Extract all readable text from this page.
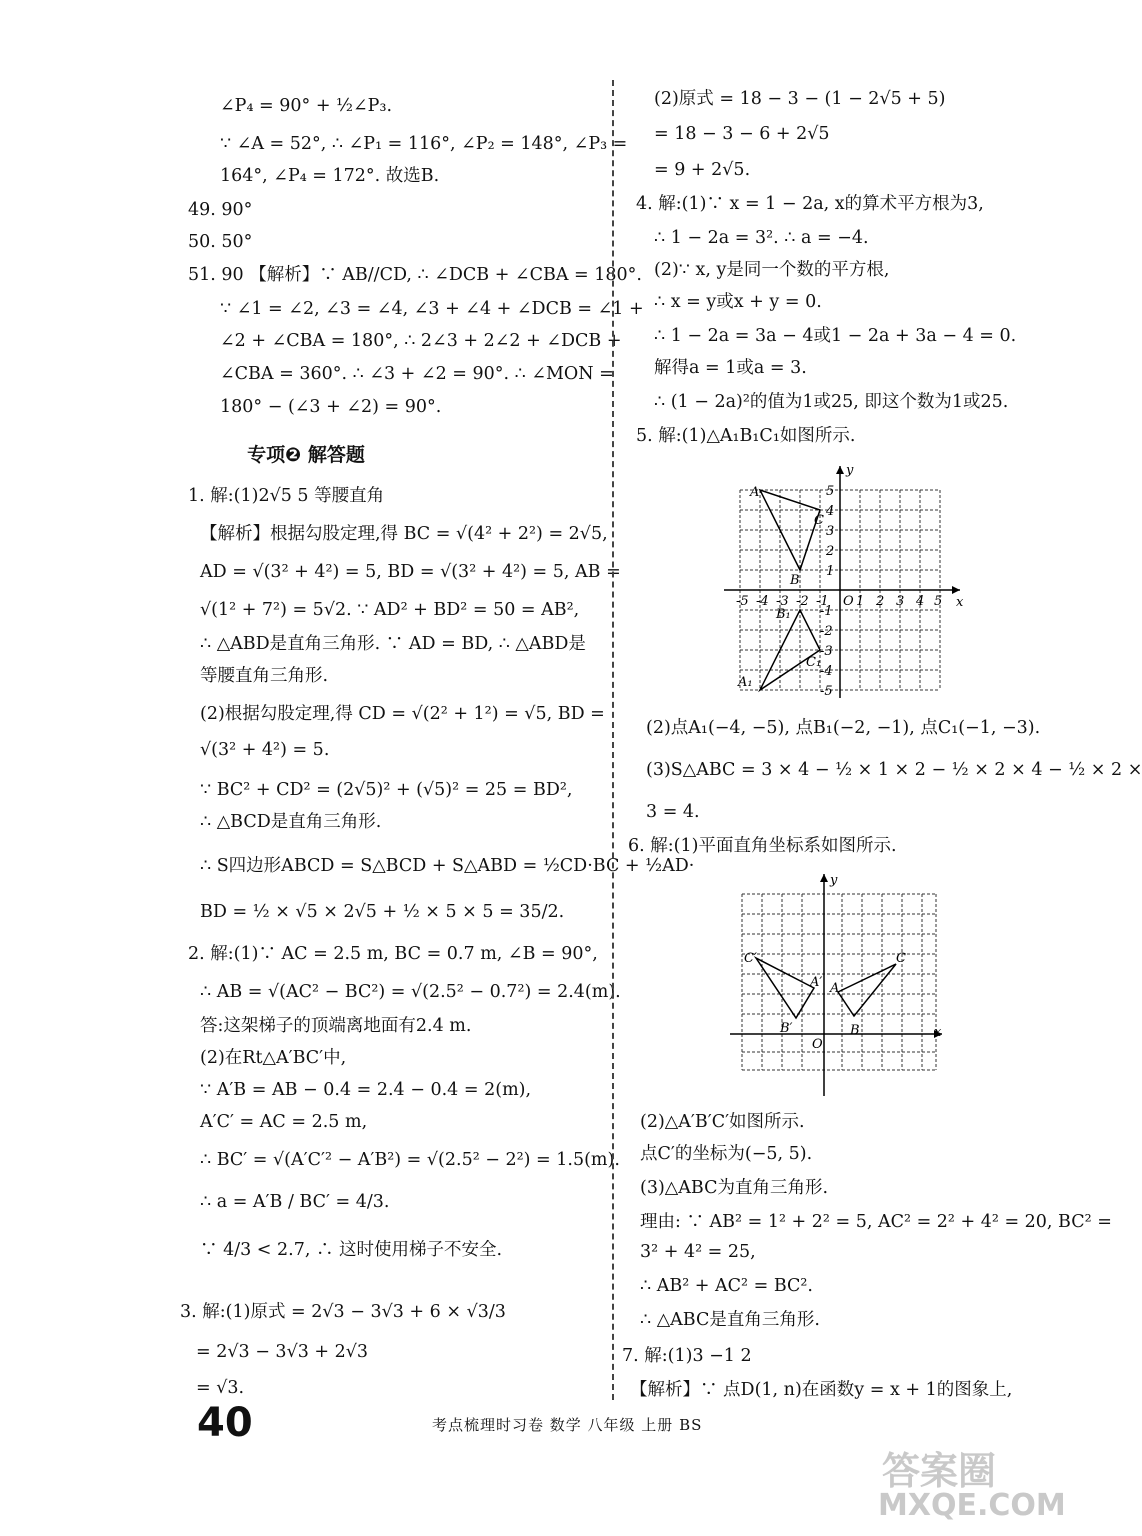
∠P₄ = 90° + ½∠P₃.
∵ ∠A = 52°, ∴ ∠P₁ = 116°, ∠P₂ = 148°, ∠P₃ =
164°, ∠P₄ = 172°. 故选B.
49. 90°
50. 50°
51. 90 【解析】∵ AB//CD, ∴ ∠DCB + ∠CBA = 180°.
∵ ∠1 = ∠2, ∠3 = ∠4, ∠3 + ∠4 + ∠DCB = ∠1 +
∠2 + ∠CBA = 180°, ∴ 2∠3 + 2∠2 + ∠DCB +
∠CBA = 360°. ∴ ∠3 + ∠2 = 90°. ∴ ∠MON =
180° − (∠3 + ∠2) = 90°.
专项❷ 解答题
1. 解:(1)2√5 5 等腰直角
【解析】根据勾股定理,得 BC = √(4² + 2²) = 2√5,
AD = √(3² + 4²) = 5, BD = √(3² + 4²) = 5, AB =
√(1² + 7²) = 5√2. ∵ AD² + BD² = 50 = AB²,
∴ △ABD是直角三角形. ∵ AD = BD, ∴ △ABD是
等腰直角三角形.
(2)根据勾股定理,得 CD = √(2² + 1²) = √5, BD =
√(3² + 4²) = 5.
∵ BC² + CD² = (2√5)² + (√5)² = 25 = BD²,
∴ △BCD是直角三角形.
∴ S四边形ABCD = S△BCD + S△ABD = ½CD·BC + ½AD·
BD = ½ × √5 × 2√5 + ½ × 5 × 5 = 35/2.
2. 解:(1)∵ AC = 2.5 m, BC = 0.7 m, ∠B = 90°,
∴ AB = √(AC² − BC²) = √(2.5² − 0.7²) = 2.4(m).
答:这架梯子的顶端离地面有2.4 m.
(2)在Rt△A′BC′中,
∵ A′B = AB − 0.4 = 2.4 − 0.4 = 2(m),
A′C′ = AC = 2.5 m,
∴ BC′ = √(A′C′² − A′B²) = √(2.5² − 2²) = 1.5(m).
∴ a = A′B / BC′ = 4/3.
∵ 4/3 < 2.7, ∴ 这时使用梯子不安全.
3. 解:(1)原式 = 2√3 − 3√3 + 6 × √3/3
= 2√3 − 3√3 + 2√3
= √3.
(2)原式 = 18 − 3 − (1 − 2√5 + 5)
= 18 − 3 − 6 + 2√5
= 9 + 2√5.
4. 解:(1)∵ x = 1 − 2a, x的算术平方根为3,
∴ 1 − 2a = 3². ∴ a = −4.
(2)∵ x, y是同一个数的平方根,
∴ x = y或x + y = 0.
∴ 1 − 2a = 3a − 4或1 − 2a + 3a − 4 = 0.
解得a = 1或a = 3.
∴ (1 − 2a)²的值为1或25, 即这个数为1或25.
5. 解:(1)△A₁B₁C₁如图所示.
y
x
-5 -4 -3 -2 -1 O 1 2 3 4 5
5
4
3
2
1
-1
-2
-3
-4
-5
A
B
C
B₁
C₁
A₁
(2)点A₁(−4, −5), 点B₁(−2, −1), 点C₁(−1, −3).
(3)S△ABC = 3 × 4 − ½ × 1 × 2 − ½ × 2 × 4 − ½ × 2 ×
3 = 4.
6. 解:(1)平面直角坐标系如图所示.
y
x
O
C′
A′
B′
A
B
C
(2)△A′B′C′如图所示.
点C′的坐标为(−5, 5).
(3)△ABC为直角三角形.
理由: ∵ AB² = 1² + 2² = 5, AC² = 2² + 4² = 20, BC² =
3² + 4² = 25,
∴ AB² + AC² = BC².
∴ △ABC是直角三角形.
7. 解:(1)3 −1 2
【解析】∵ 点D(1, n)在函数y = x + 1的图象上,
40	考点梳理时习卷 数学 八年级 上册 BS
答案圈
MXQE.COM
